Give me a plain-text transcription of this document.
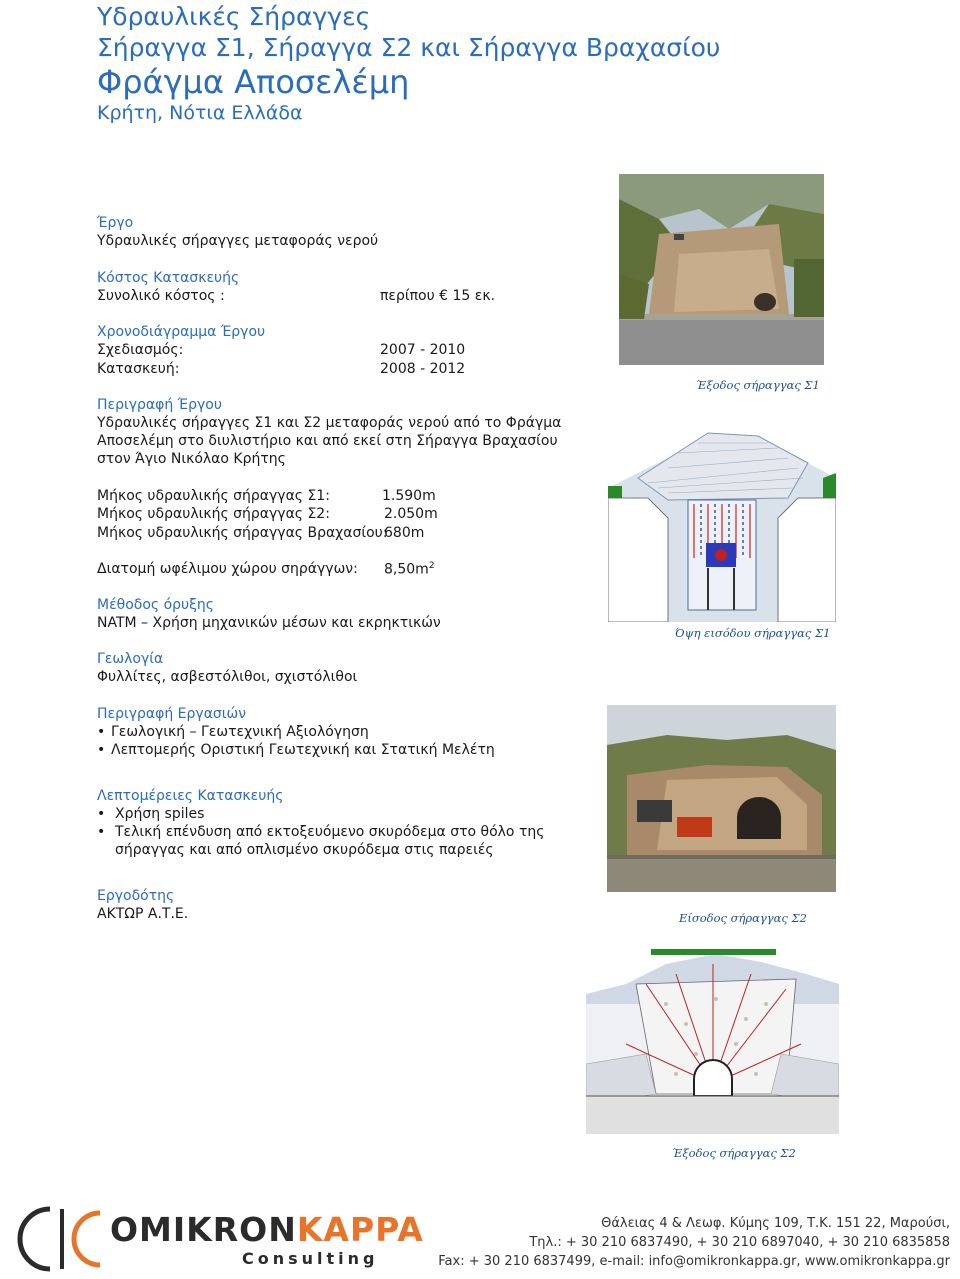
Υδραυλικές Σήραγγες
Σήραγγα Σ1, Σήραγγα Σ2 και Σήραγγα Βραχασίου
Φράγμα Αποσελέμη
Κρήτη, Νότια Ελλάδα
Έργο
Υδραυλικές σήραγγες μεταφοράς νερού
Κόστος Κατασκευής
Συνολικό κόστος :	περίπου € 15 εκ.
Χρονοδιάγραμμα Έργου
Σχεδιασμός:	2007 - 2010
Κατασκευή:	2008 - 2012
Περιγραφή Έργου
Υδραυλικές σήραγγες Σ1 και Σ2 μεταφοράς νερού από το Φράγμα
Αποσελέμη στο διυλιστήριο και από εκεί στη Σήραγγα Βραχασίου
στον Άγιο Νικόλαο Κρήτης
Μήκος υδραυλικής σήραγγας Σ1:	1.590m
Μήκος υδραυλικής σήραγγας Σ2:	2.050m
Μήκος υδραυλικής σήραγγας Βραχασίου:
680m
Διατομή ωφέλιμου χώρου σηράγγων: $8,50m^2$
Μέθοδος όρυξης
NATM – Χρήση μηχανικών μέσων και εκρηκτικών
Γεωλογία
Φυλλίτες, ασβεστόλιθοι, σχιστόλιθοι
Περιγραφή Εργασιών
• Γεωλογική – Γεωτεχνική Αξιολόγηση
• Λεπτομερής Οριστική Γεωτεχνική και Στατική Μελέτη
Λεπτομέρειες Κατασκευής
• Χρήση spiles
• Τελική επένδυση από εκτοξευόμενο σκυρόδεμα στο θόλο της
σήραγγας και από οπλισμένο σκυρόδεμα στις παρειές
Εργοδότης
ΑΚΤΩΡ Α.Τ.Ε.
Έξοδος σήραγγας Σ1
Όψη εισόδου σήραγγας Σ1
Είσοδος σήραγγας Σ2
Έξοδος σήραγγας Σ2
OMIKRONKAPPA
Consulting
Θάλειας 4 & Λεωφ. Κύμης 109, Τ.Κ. 151 22, Μαρούσι,
Τηλ.: + 30 210 6837490, + 30 210 6897040, + 30 210 6835858
Fax: + 30 210 6837499, e-mail: info@omikronkappa.gr, www.omikronkappa.gr
